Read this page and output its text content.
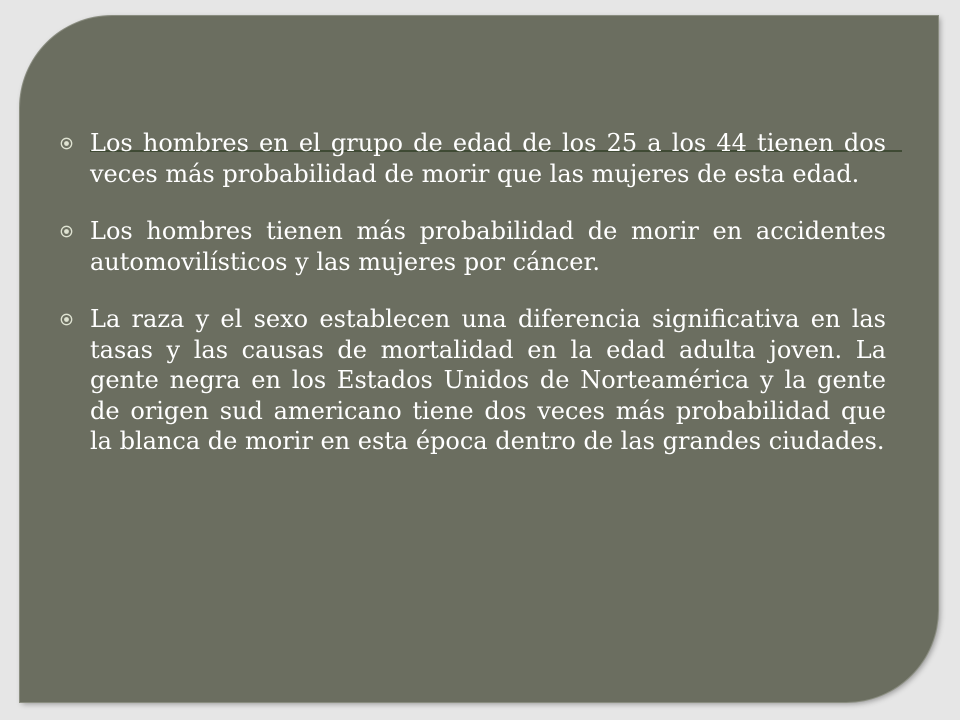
Los hombres en el grupo de edad de los 25 a los 44 tienen dos veces más probabilidad de morir que las mujeres de esta edad.
Los hombres tienen más probabilidad de morir en accidentes automovilísticos y las mujeres por cáncer.
La raza y el sexo establecen una diferencia significativa en las tasas y las causas de mortalidad en la edad adulta joven. La gente negra en los Estados Unidos de Norteamérica y la gente de origen sud americano tiene dos veces más probabilidad que la blanca de morir en esta época dentro de las grandes ciudades.
